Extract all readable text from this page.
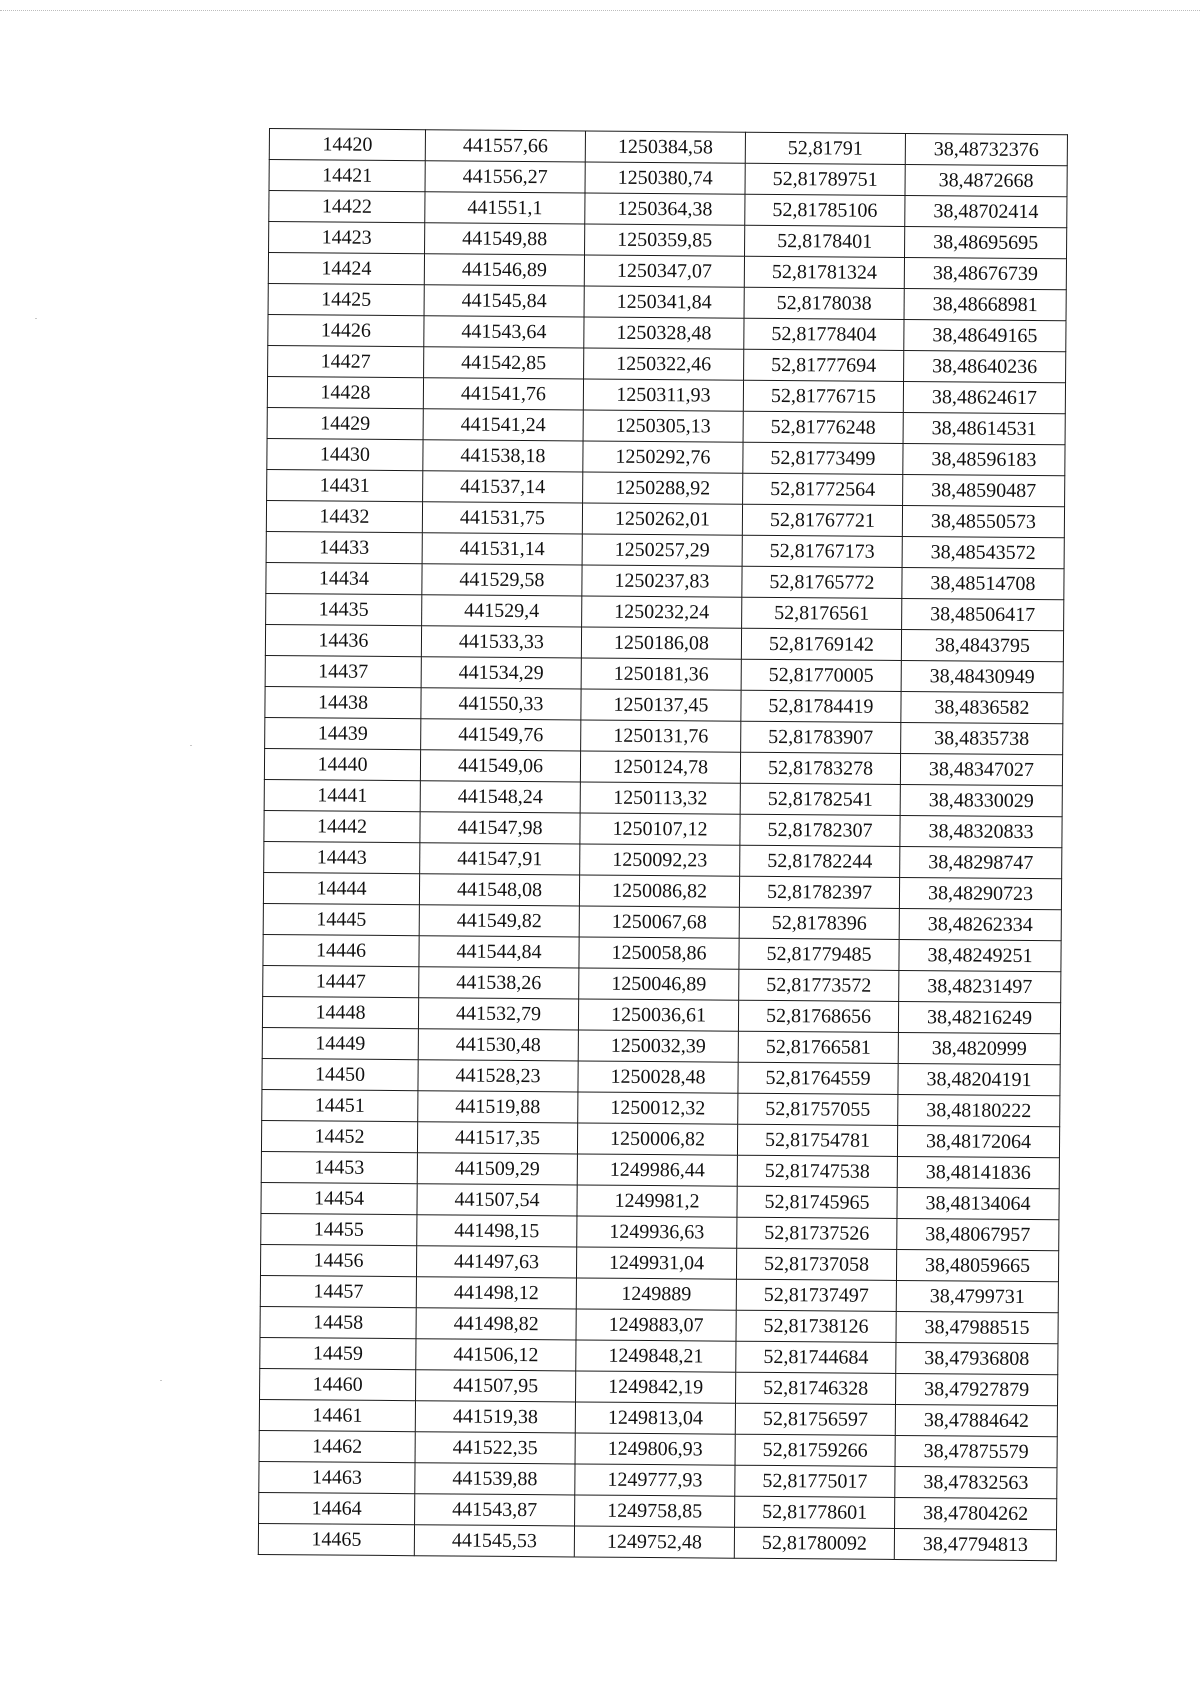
14420	441557,66	1250384,58	52,81791	38,48732376
14421	441556,27	1250380,74	52,81789751	38,4872668
14422	441551,1	1250364,38	52,81785106	38,48702414
14423	441549,88	1250359,85	52,8178401	38,48695695
14424	441546,89	1250347,07	52,81781324	38,48676739
14425	441545,84	1250341,84	52,8178038	38,48668981
14426	441543,64	1250328,48	52,81778404	38,48649165
14427	441542,85	1250322,46	52,81777694	38,48640236
14428	441541,76	1250311,93	52,81776715	38,48624617
14429	441541,24	1250305,13	52,81776248	38,48614531
14430	441538,18	1250292,76	52,81773499	38,48596183
14431	441537,14	1250288,92	52,81772564	38,48590487
14432	441531,75	1250262,01	52,81767721	38,48550573
14433	441531,14	1250257,29	52,81767173	38,48543572
14434	441529,58	1250237,83	52,81765772	38,48514708
14435	441529,4	1250232,24	52,8176561	38,48506417
14436	441533,33	1250186,08	52,81769142	38,4843795
14437	441534,29	1250181,36	52,81770005	38,48430949
14438	441550,33	1250137,45	52,81784419	38,4836582
14439	441549,76	1250131,76	52,81783907	38,4835738
14440	441549,06	1250124,78	52,81783278	38,48347027
14441	441548,24	1250113,32	52,81782541	38,48330029
14442	441547,98	1250107,12	52,81782307	38,48320833
14443	441547,91	1250092,23	52,81782244	38,48298747
14444	441548,08	1250086,82	52,81782397	38,48290723
14445	441549,82	1250067,68	52,8178396	38,48262334
14446	441544,84	1250058,86	52,81779485	38,48249251
14447	441538,26	1250046,89	52,81773572	38,48231497
14448	441532,79	1250036,61	52,81768656	38,48216249
14449	441530,48	1250032,39	52,81766581	38,4820999
14450	441528,23	1250028,48	52,81764559	38,48204191
14451	441519,88	1250012,32	52,81757055	38,48180222
14452	441517,35	1250006,82	52,81754781	38,48172064
14453	441509,29	1249986,44	52,81747538	38,48141836
14454	441507,54	1249981,2	52,81745965	38,48134064
14455	441498,15	1249936,63	52,81737526	38,48067957
14456	441497,63	1249931,04	52,81737058	38,48059665
14457	441498,12	1249889	52,81737497	38,4799731
14458	441498,82	1249883,07	52,81738126	38,47988515
14459	441506,12	1249848,21	52,81744684	38,47936808
14460	441507,95	1249842,19	52,81746328	38,47927879
14461	441519,38	1249813,04	52,81756597	38,47884642
14462	441522,35	1249806,93	52,81759266	38,47875579
14463	441539,88	1249777,93	52,81775017	38,47832563
14464	441543,87	1249758,85	52,81778601	38,47804262
14465	441545,53	1249752,48	52,81780092	38,47794813
